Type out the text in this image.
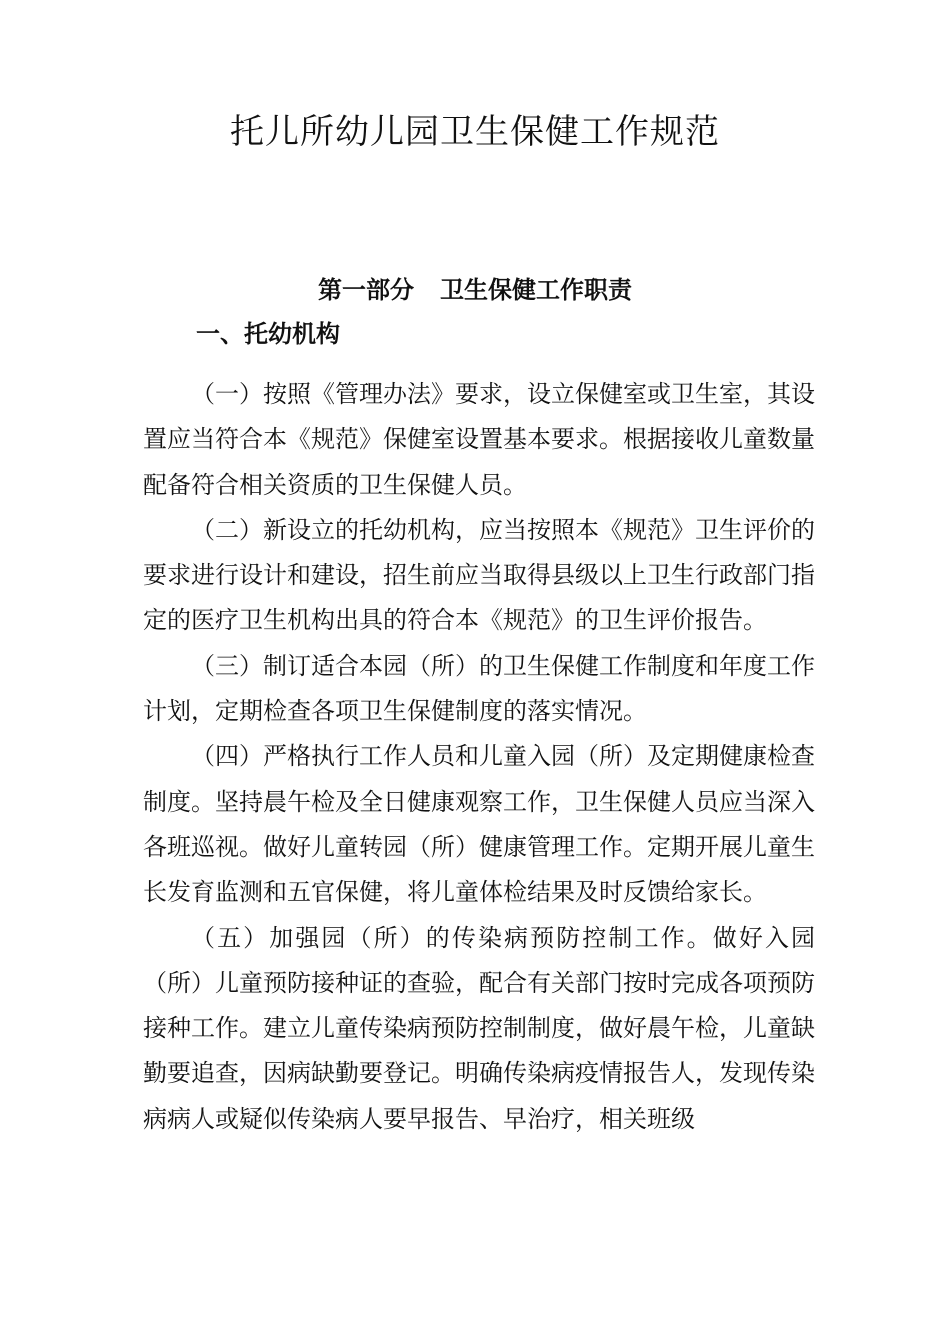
托儿所幼儿园卫生保健工作规范
第一部分 卫生保健工作职责
一、托幼机构

（一）按照《管理办法》要求，设立保健室或卫生室，其设置应当符合本《规范》保健室设置基本要求。根据接收儿童数量配备符合相关资质的卫生保健人员。

（二）新设立的托幼机构，应当按照本《规范》卫生评价的要求进行设计和建设，招生前应当取得县级以上卫生行政部门指定的医疗卫生机构出具的符合本《规范》的卫生评价报告。

（三）制订适合本园（所）的卫生保健工作制度和年度工作计划，定期检查各项卫生保健制度的落实情况。

（四）严格执行工作人员和儿童入园（所）及定期健康检查制度。坚持晨午检及全日健康观察工作，卫生保健人员应当深入各班巡视。做好儿童转园（所）健康管理工作。定期开展儿童生长发育监测和五官保健，将儿童体检结果及时反馈给家长。

（五）加强园（所）的传染病预防控制工作。做好入园（所）儿童预防接种证的查验，配合有关部门按时完成各项预防接种工作。建立儿童传染病预防控制制度，做好晨午检，儿童缺勤要追查，因病缺勤要登记。明确传染病疫情报告人，发现传染病病人或疑似传染病人要早报告、早治疗，相关班级
